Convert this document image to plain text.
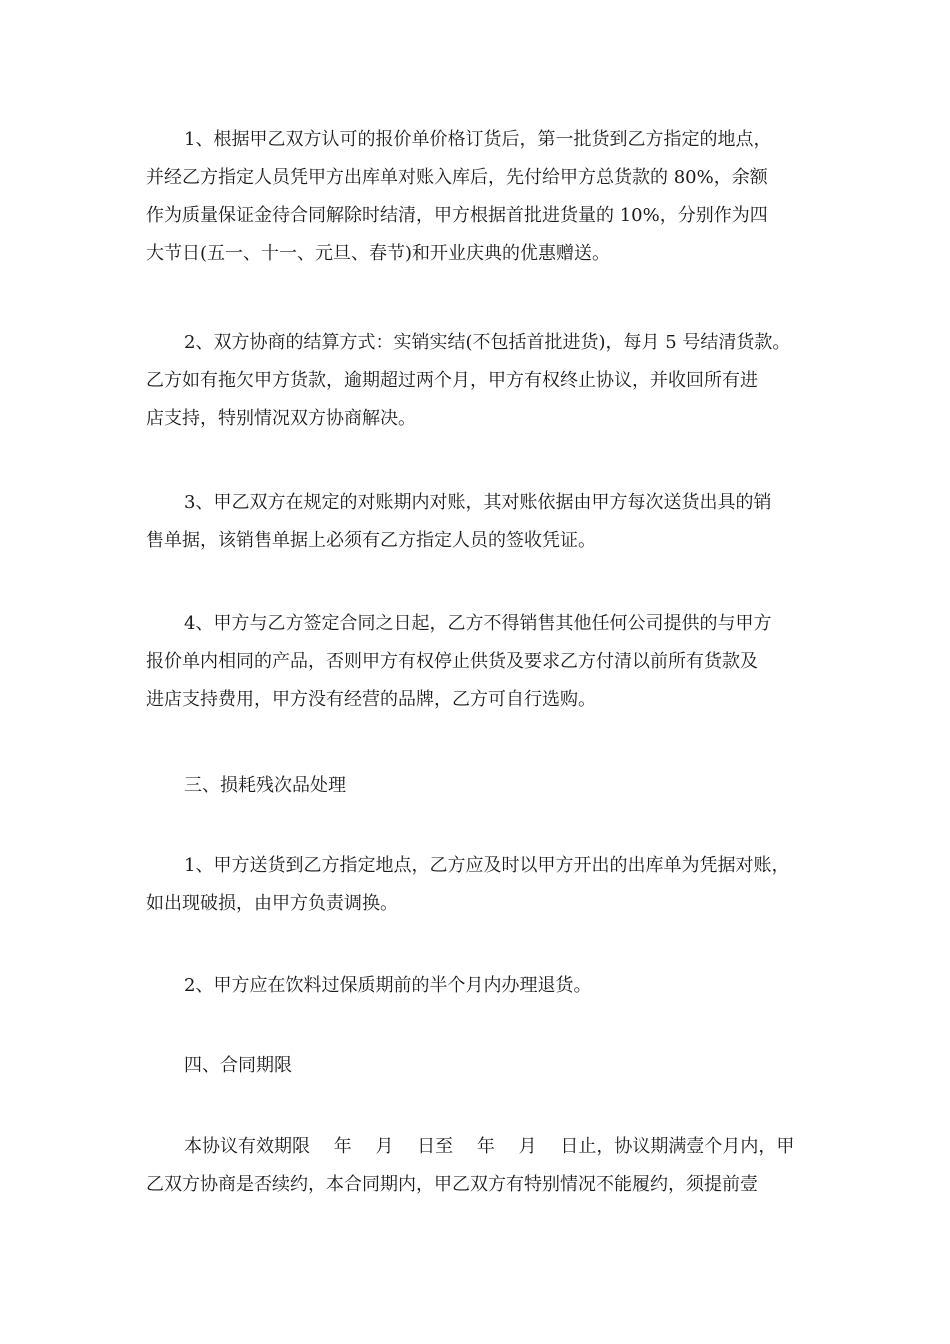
1、根据甲乙双方认可的报价单价格订货后，第一批货到乙方指定的地点，
并经乙方指定人员凭甲方出库单对账入库后，先付给甲方总货款的 80%，余额
作为质量保证金待合同解除时结清，甲方根据首批进货量的 10%，分别作为四
大节日(五一、十一、元旦、春节)和开业庆典的优惠赠送。
2、双方协商的结算方式：实销实结(不包括首批进货)，每月 5 号结清货款。
乙方如有拖欠甲方货款，逾期超过两个月，甲方有权终止协议，并收回所有进
店支持，特别情况双方协商解决。
3、甲乙双方在规定的对账期内对账，其对账依据由甲方每次送货出具的销
售单据，该销售单据上必须有乙方指定人员的签收凭证。
4、甲方与乙方签定合同之日起，乙方不得销售其他任何公司提供的与甲方
报价单内相同的产品，否则甲方有权停止供货及要求乙方付清以前所有货款及
进店支持费用，甲方没有经营的品牌，乙方可自行选购。
三、损耗残次品处理
1、甲方送货到乙方指定地点，乙方应及时以甲方开出的出库单为凭据对账，
如出现破损，由甲方负责调换。
2、甲方应在饮料过保质期前的半个月内办理退货。
四、合同期限
本协议有效期限　 年　 月　 日至　 年　 月　 日止，协议期满壹个月内，甲
乙双方协商是否续约，本合同期内，甲乙双方有特别情况不能履约，须提前壹
